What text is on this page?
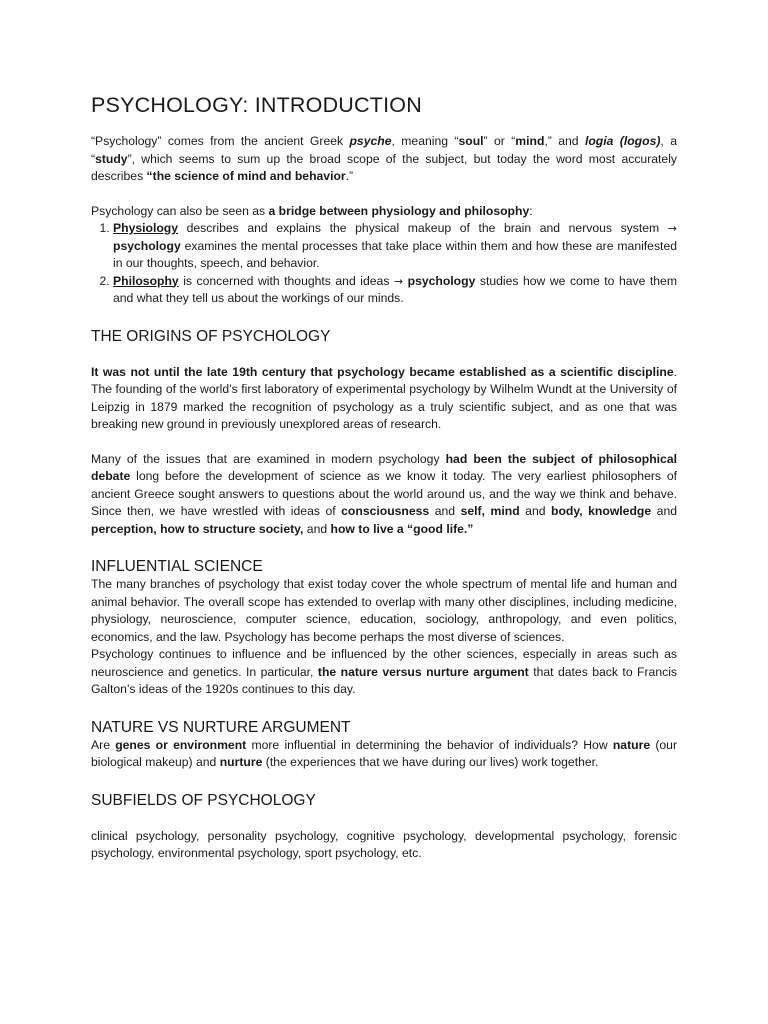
PSYCHOLOGY: INTRODUCTION

“Psychology” comes from the ancient Greek psyche, meaning “soul” or “mind,” and logia (logos), a “study”, which seems to sum up the broad scope of the subject, but today the word most accurately describes “the science of mind and behavior.”

Psychology can also be seen as a bridge between physiology and philosophy:

1. Physiology describes and explains the physical makeup of the brain and nervous system → psychology examines the mental processes that take place within them and how these are manifested in our thoughts, speech, and behavior.
2. Philosophy is concerned with thoughts and ideas → psychology studies how we come to have them and what they tell us about the workings of our minds.
THE ORIGINS OF PSYCHOLOGY

It was not until the late 19th century that psychology became established as a scientific discipline. The founding of the world’s first laboratory of experimental psychology by Wilhelm Wundt at the University of Leipzig in 1879 marked the recognition of psychology as a truly scientific subject, and as one that was breaking new ground in previously unexplored areas of research.

Many of the issues that are examined in modern psychology had been the subject of philosophical debate long before the development of science as we know it today. The very earliest philosophers of ancient Greece sought answers to questions about the world around us, and the way we think and behave. Since then, we have wrestled with ideas of consciousness and self, mind and body, knowledge and perception, how to structure society, and how to live a “good life.”

INFLUENTIAL SCIENCE

The many branches of psychology that exist today cover the whole spectrum of mental life and human and animal behavior. The overall scope has extended to overlap with many other disciplines, including medicine, physiology, neuroscience, computer science, education, sociology, anthropology, and even politics, economics, and the law. Psychology has become perhaps the most diverse of sciences.

Psychology continues to influence and be influenced by the other sciences, especially in areas such as neuroscience and genetics. In particular, the nature versus nurture argument that dates back to Francis Galton’s ideas of the 1920s continues to this day.

NATURE VS NURTURE ARGUMENT

Are genes or environment more influential in determining the behavior of individuals? How nature (our biological makeup) and nurture (the experiences that we have during our lives) work together.

SUBFIELDS OF PSYCHOLOGY

clinical psychology, personality psychology, cognitive psychology, developmental psychology, forensic psychology, environmental psychology, sport psychology, etc.
